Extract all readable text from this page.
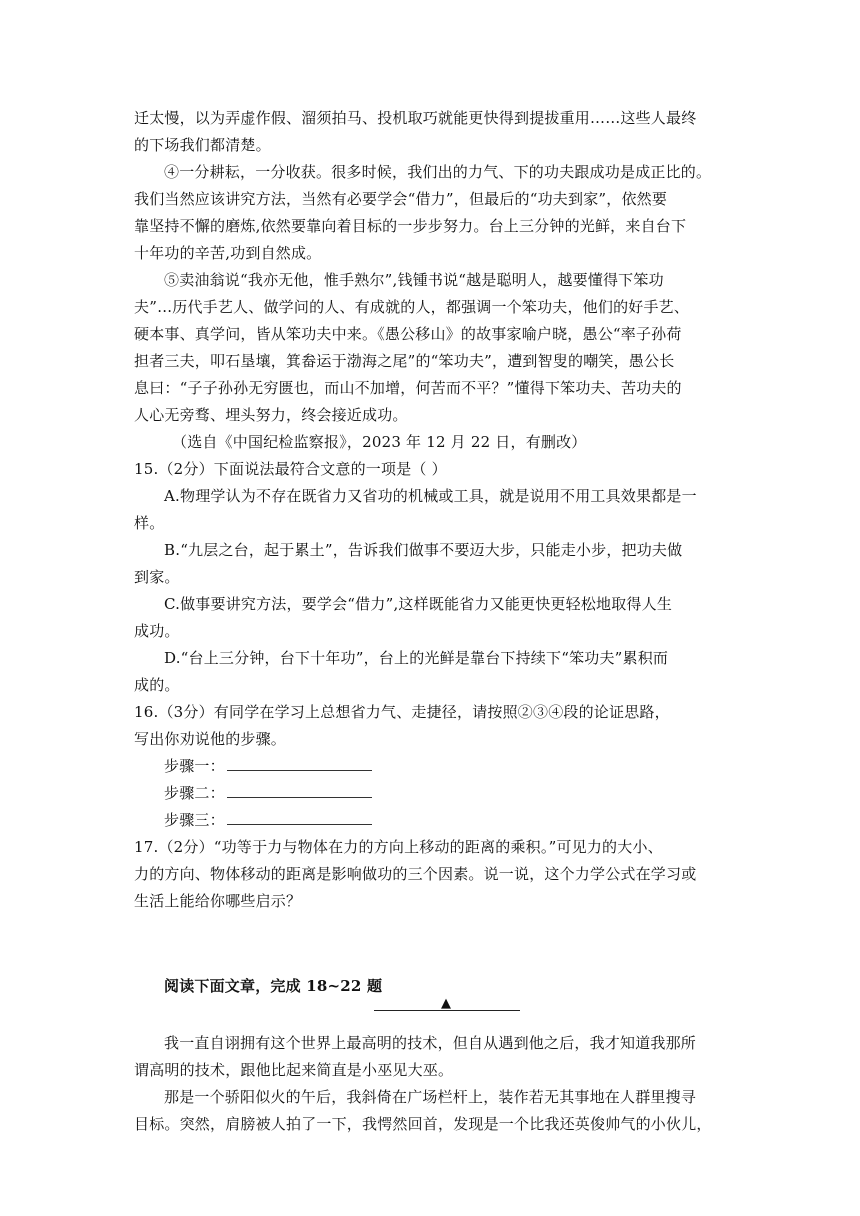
迁太慢，以为弄虚作假、溜须拍马、投机取巧就能更快得到提拔重用……这些人最终
的下场我们都清楚。
④一分耕耘，一分收获。很多时候，我们出的力气、下的功夫跟成功是成正比的。
我们当然应该讲究方法，当然有必要学会“借力”，但最后的“功夫到家”，依然要
靠坚持不懈的磨炼,依然要靠向着目标的一步步努力。台上三分钟的光鲜，来自台下
十年功的辛苦,功到自然成。
⑤卖油翁说“我亦无他，惟手熟尔”,钱锺书说“越是聪明人，越要懂得下笨功
夫”…历代手艺人、做学问的人、有成就的人，都强调一个笨功夫，他们的好手艺、
硬本事、真学问，皆从笨功夫中来。《愚公移山》的故事家喻户晓，愚公“率子孙荷
担者三夫，叩石垦壤，箕畚运于渤海之尾”的“笨功夫”，遭到智叟的嘲笑，愚公长
息曰：“子子孙孙无穷匮也，而山不加增，何苦而不平？”懂得下笨功夫、苦功夫的
人心无旁骛、埋头努力，终会接近成功。
（选自《中国纪检监察报》，2023 年 12 月 22 日，有删改）
15.（2分）下面说法最符合文意的一项是（ ）
A.物理学认为不存在既省力又省功的机械或工具，就是说用不用工具效果都是一
样。
B.“九层之台，起于累土”，告诉我们做事不要迈大步，只能走小步，把功夫做
到家。
C.做事要讲究方法，要学会“借力”,这样既能省力又能更快更轻松地取得人生
成功。
D.“台上三分钟，台下十年功”，台上的光鲜是靠台下持续下“笨功夫”累积而
成的。
16.（3分）有同学在学习上总想省力气、走捷径，请按照②③④段的论证思路，
写出你劝说他的步骤。
步骤一：
步骤二：
步骤三：
17.（2分）“功等于力与物体在力的方向上移动的距离的乘积。”可见力的大小、
力的方向、物体移动的距离是影响做功的三个因素。说一说，这个力学公式在学习或
生活上能给你哪些启示？
阅读下面文章，完成 18~22 题
▲
我一直自诩拥有这个世界上最高明的技术，但自从遇到他之后，我才知道我那所
谓高明的技术，跟他比起来简直是小巫见大巫。
那是一个骄阳似火的午后，我斜倚在广场栏杆上，装作若无其事地在人群里搜寻
目标。突然，肩膀被人拍了一下，我愕然回首，发现是一个比我还英俊帅气的小伙儿，
